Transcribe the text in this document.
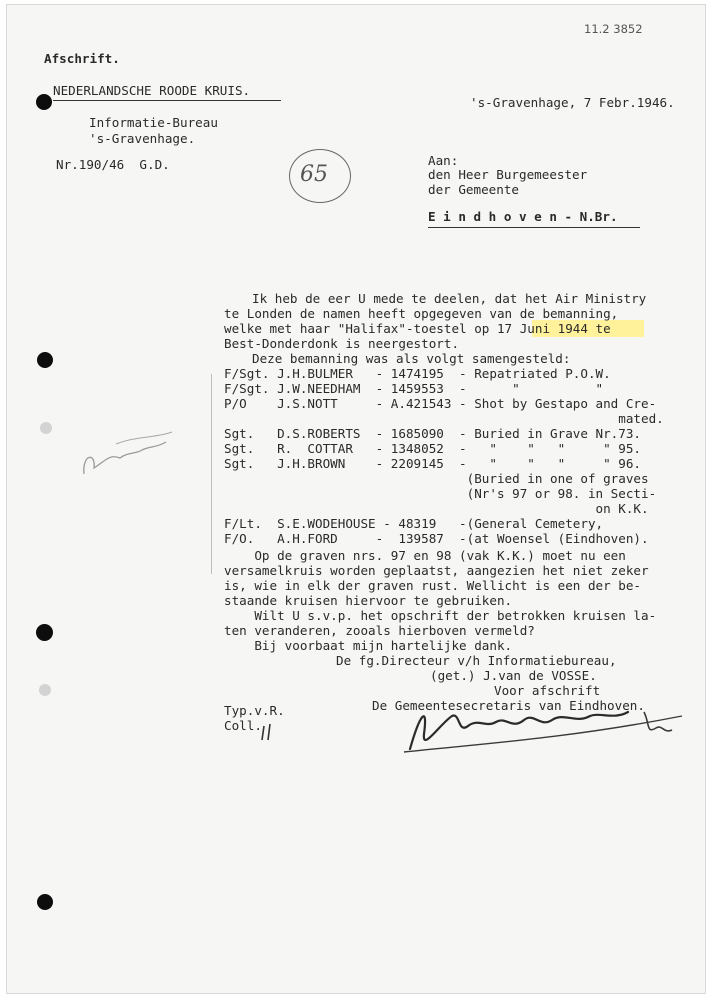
11.2 3852
Afschrift.
NEDERLANDSCHE ROODE KRUIS.
Informatie-Bureau
's-Gravenhage.
's-Gravenhage, 7 Febr.1946.
Nr.190/46  G.D.	65
Aan:
den Heer Burgemeester
der Gemeente
E i n d h o v e n - N.Br.
Ik heb de eer U mede te deelen, dat het Air Ministry
te Londen de namen heeft opgegeven van de bemanning,
welke met haar "Halifax"-toestel op 17 Juni 1944 te
Best-Donderdonk is neergestort.
Deze bemanning was als volgt samengesteld:
F/Sgt. J.H.BULMER   - 1474195  - Repatriated P.O.W.
F/Sgt. J.W.NEEDHAM  - 1459553  -      "          "
P/O    J.S.NOTT     - A.421543 - Shot by Gestapo and Cre-
mated.
Sgt.   D.S.ROBERTS  - 1685090  - Buried in Grave Nr.73.
Sgt.   R.  COTTAR   - 1348052  -   "    "   "     " 95.
Sgt.   J.H.BROWN    - 2209145  -   "    "   "     " 96.
(Buried in one of graves
(Nr's 97 or 98. in Secti-
on K.K.
F/Lt.  S.E.WODEHOUSE - 48319   -(General Cemetery,
F/O.   A.H.FORD     -  139587  -(at Woensel (Eindhoven).
Op de graven nrs. 97 en 98 (vak K.K.) moet nu een
versamelkruis worden geplaatst, aangezien het niet zeker
is, wie in elk der graven rust. Wellicht is een der be-
staande kruisen hiervoor te gebruiken.
Wilt U s.v.p. het opschrift der betrokken kruisen la-
ten veranderen, zooals hierboven vermeld?
Bij voorbaat mijn hartelijke dank.
De fg.Directeur v/h Informatiebureau,
(get.) J.van de VOSSE.
Voor afschrift
De Gemeentesecretaris van Eindhoven.
Typ.v.R.
Coll.
